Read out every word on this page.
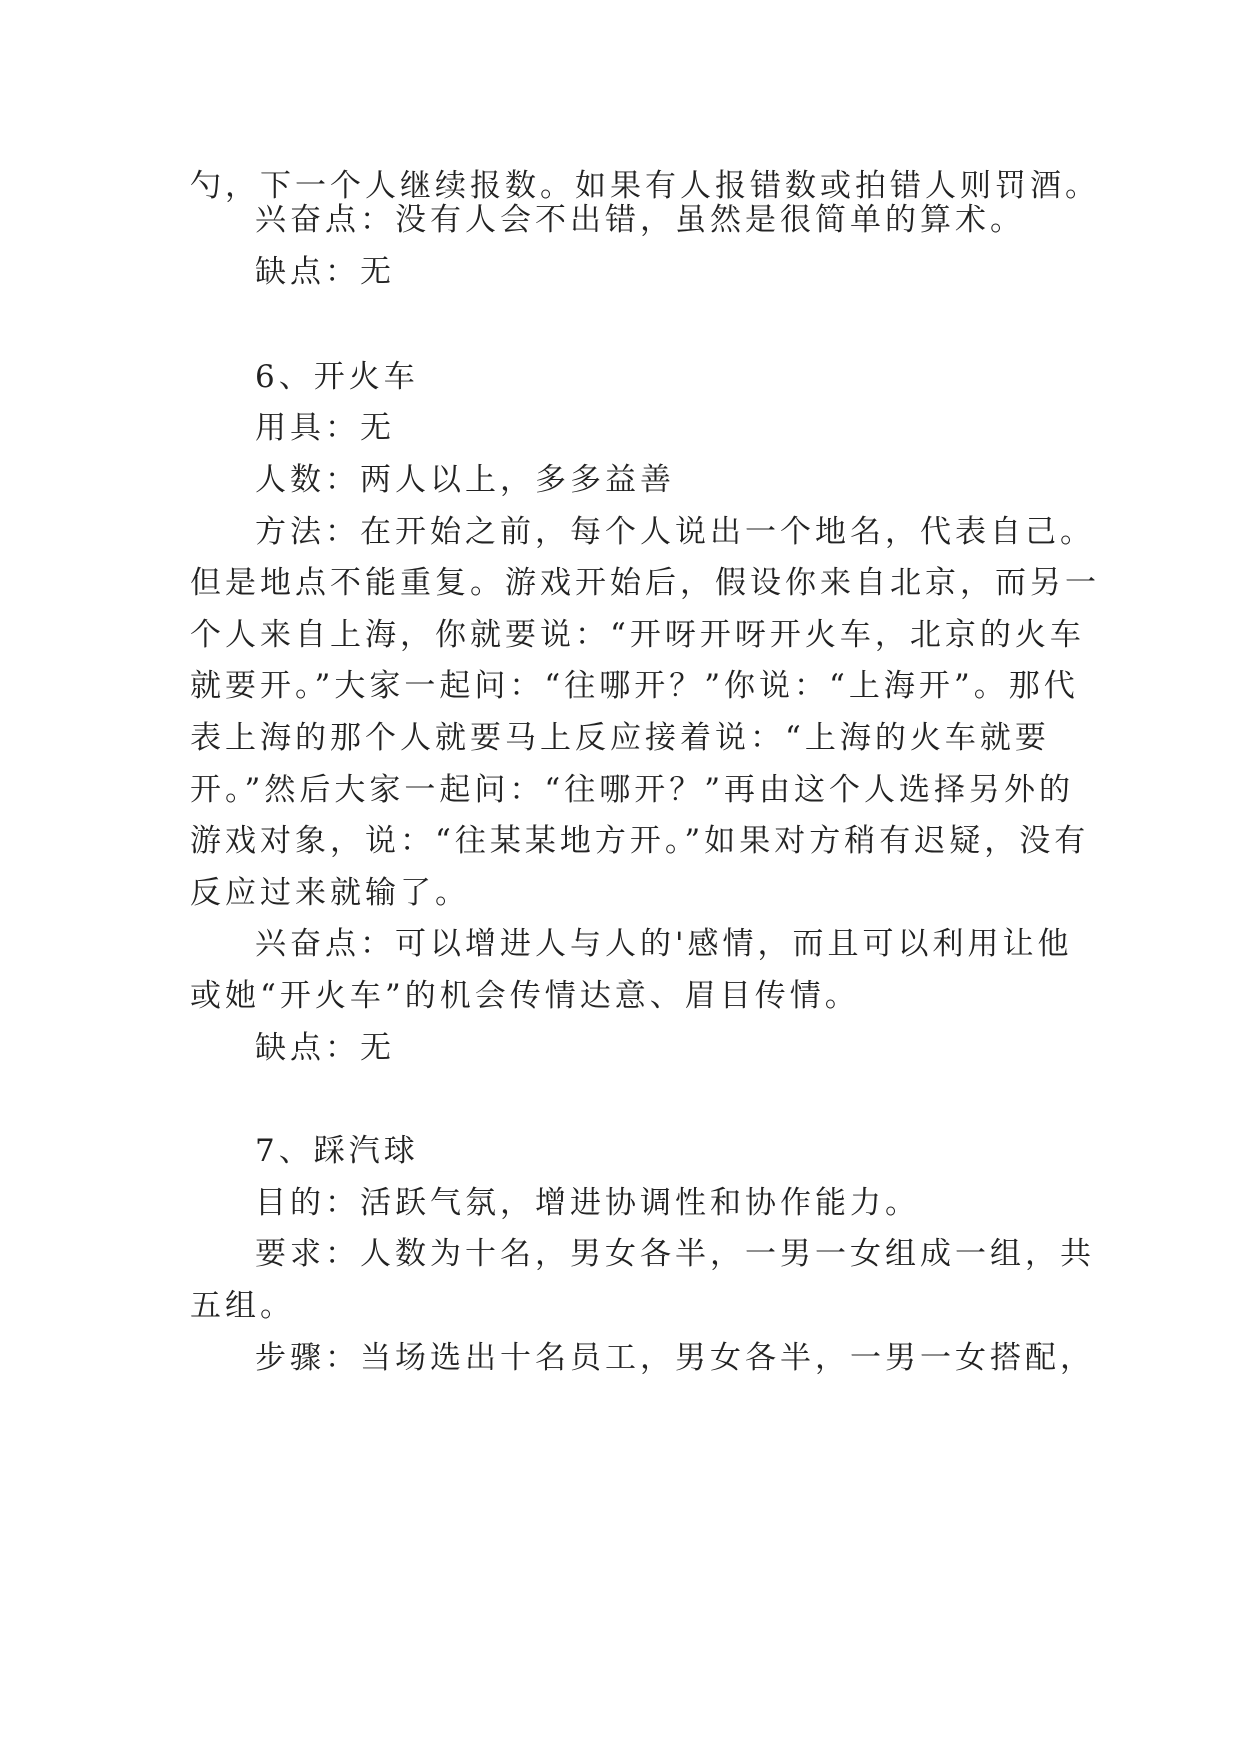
勺，下一个人继续报数。如果有人报错数或拍错人则罚酒。
兴奋点：没有人会不出错，虽然是很简单的算术。
缺点：无
6、开火车
用具：无
人数：两人以上，多多益善
方法：在开始之前，每个人说出一个地名，代表自己。
但是地点不能重复。游戏开始后，假设你来自北京，而另一
个人来自上海，你就要说：“开呀开呀开火车，北京的火车
就要开。”大家一起问：“往哪开？”你说：“上海开”。那代
表上海的那个人就要马上反应接着说：“上海的火车就要
开。”然后大家一起问：“往哪开？”再由这个人选择另外的
游戏对象，说：“往某某地方开。”如果对方稍有迟疑，没有
反应过来就输了。
兴奋点：可以增进人与人的'感情，而且可以利用让他
或她“开火车”的机会传情达意、眉目传情。
缺点：无
7、踩汽球
目的：活跃气氛，增进协调性和协作能力。
要求：人数为十名，男女各半，一男一女组成一组，共
五组。
步骤：当场选出十名员工，男女各半，一男一女搭配，
